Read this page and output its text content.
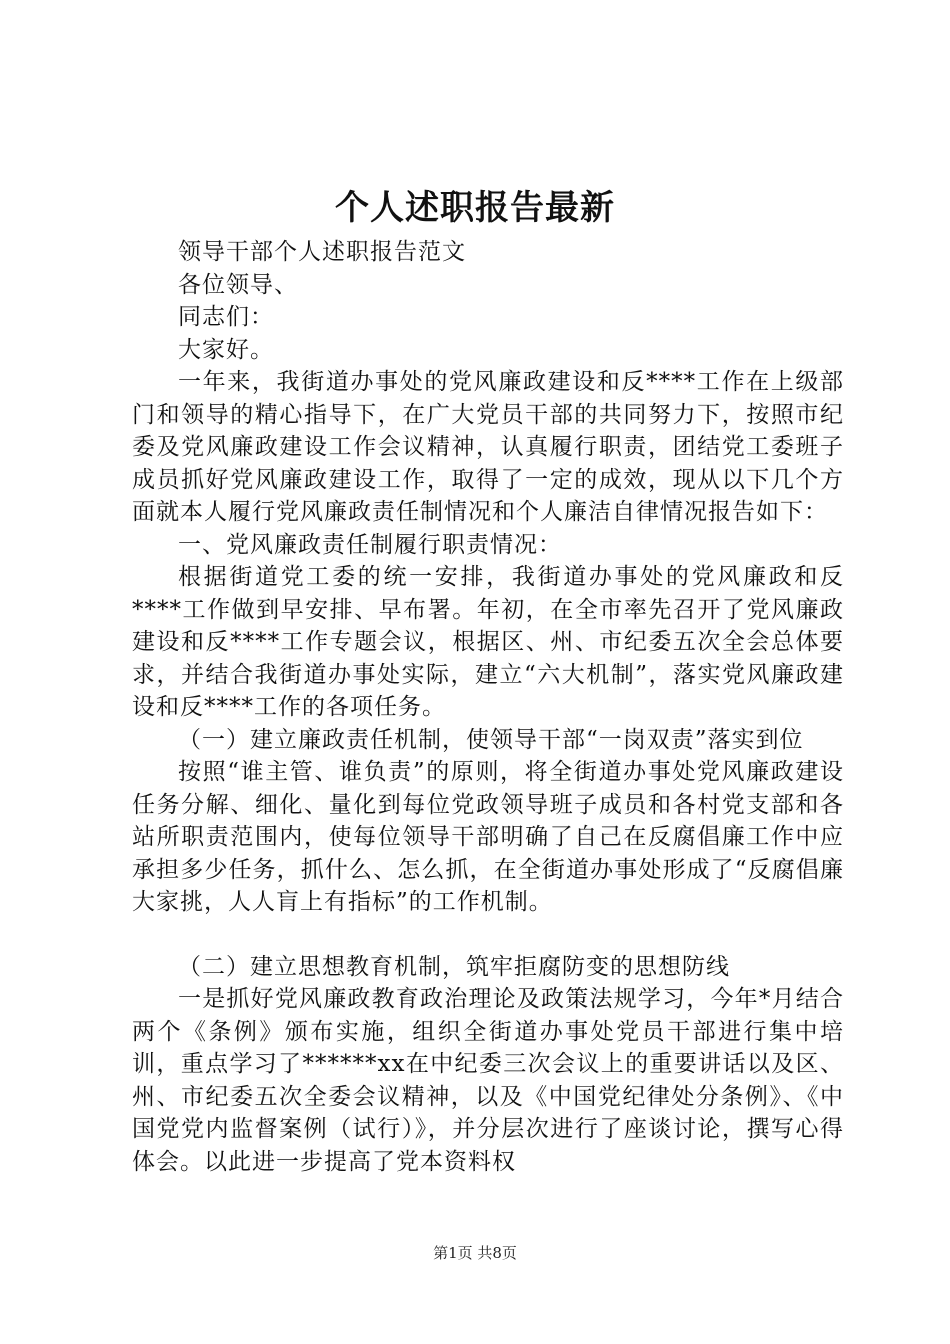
个人述职报告最新

领导干部个人述职报告范文

各位领导、

同志们：

大家好。

一年来，我街道办事处的党风廉政建设和反****工作在上级部门和领导的精心指导下，在广大党员干部的共同努力下，按照市纪委及党风廉政建设工作会议精神，认真履行职责，团结党工委班子成员抓好党风廉政建设工作，取得了一定的成效，现从以下几个方面就本人履行党风廉政责任制情况和个人廉洁自律情况报告如下：

一、党风廉政责任制履行职责情况：

根据街道党工委的统一安排，我街道办事处的党风廉政和反****工作做到早安排、早布署。年初，在全市率先召开了党风廉政建设和反****工作专题会议，根据区、州、市纪委五次全会总体要求，并结合我街道办事处实际，建立“六大机制”，落实党风廉政建设和反****工作的各项任务。

（一）建立廉政责任机制，使领导干部“一岗双责”落实到位

按照“谁主管、谁负责”的原则，将全街道办事处党风廉政建设任务分解、细化、量化到每位党政领导班子成员和各村党支部和各站所职责范围内，使每位领导干部明确了自己在反腐倡廉工作中应承担多少任务，抓什么、怎么抓，在全街道办事处形成了“反腐倡廉大家挑，人人肓上有指标”的工作机制。

（二）建立思想教育机制，筑牢拒腐防变的思想防线

一是抓好党风廉政教育政治理论及政策法规学习，今年*月结合两个《条例》颁布实施，组织全街道办事处党员干部进行集中培训，重点学习了******xx在中纪委三次会议上的重要讲话以及区、州、市纪委五次全委会议精神，以及《中国党纪律处分条例》、《中国党党内监督案例（试行）》，并分层次进行了座谈讨论，撰写心得体会。以此进一步提高了党本资料权

第1页 共8页
